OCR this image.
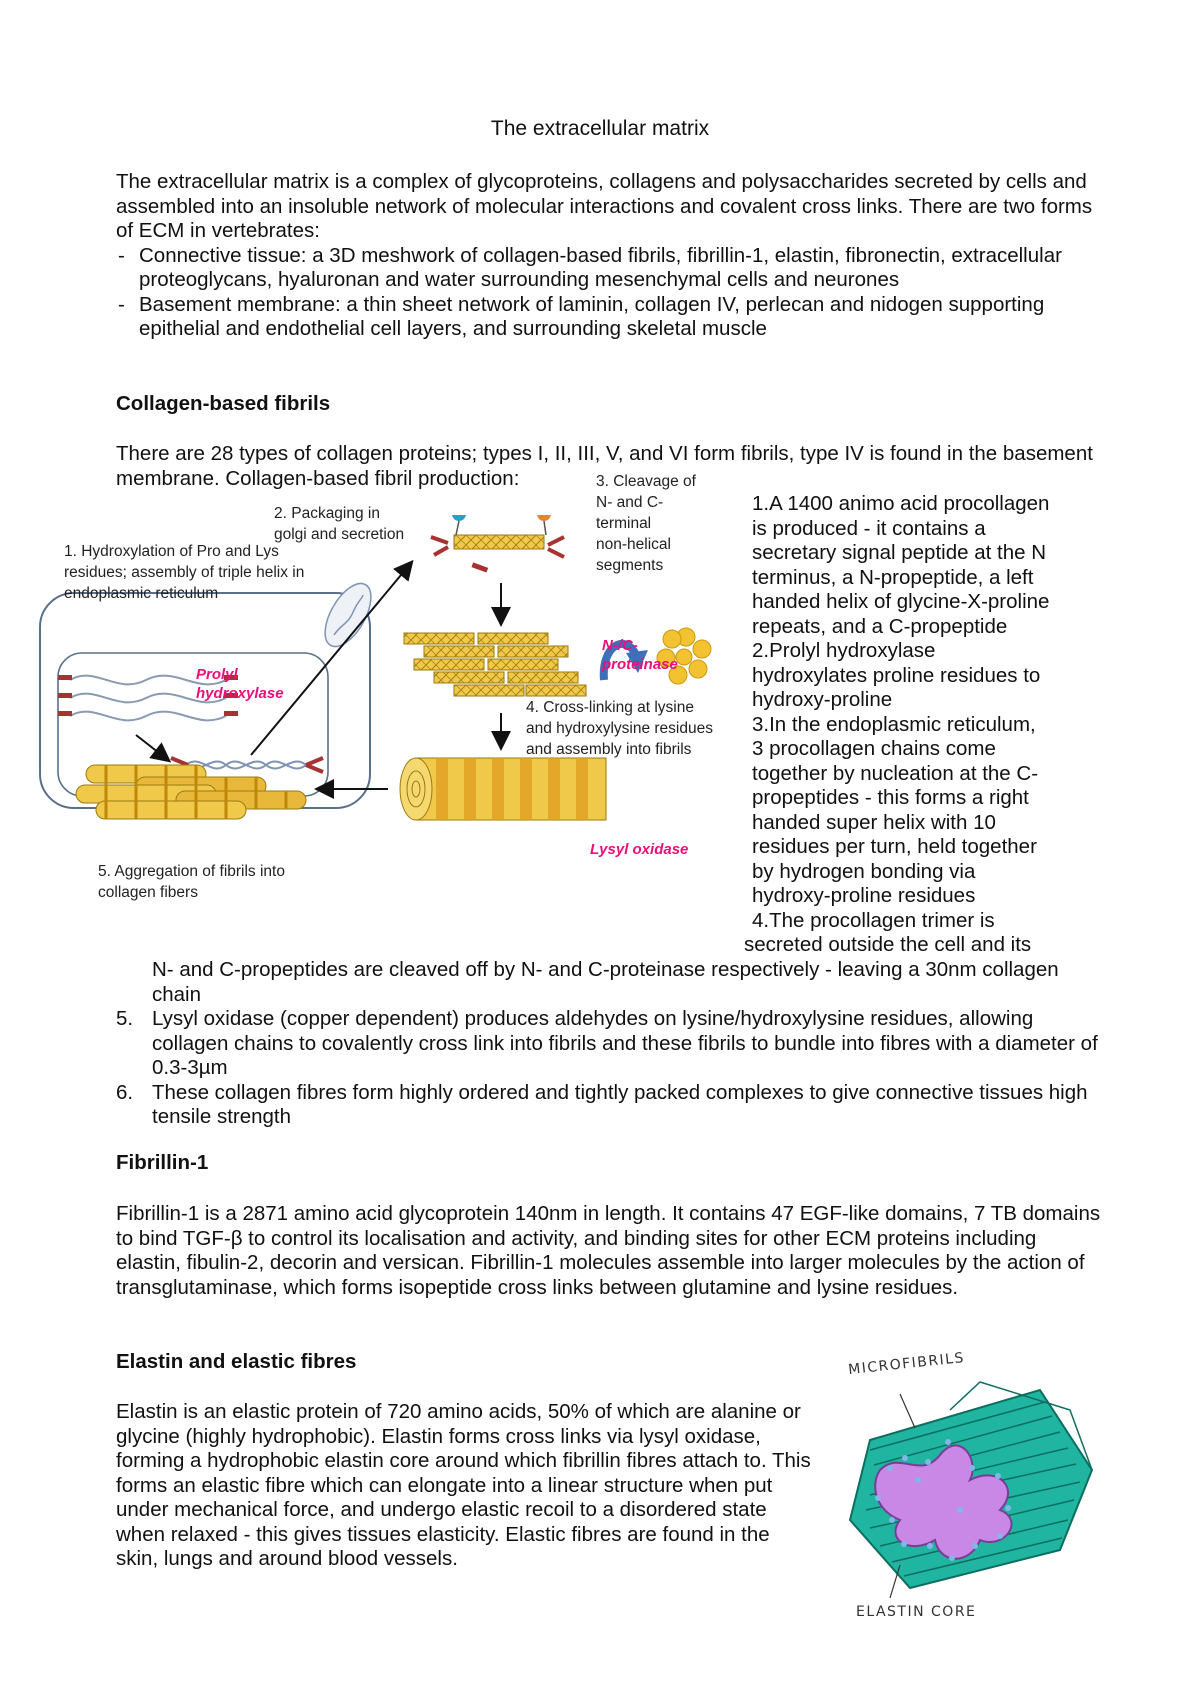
The extracellular matrix
The extracellular matrix is a complex of glycoproteins, collagens and polysaccharides secreted by cells and assembled into an insoluble network of molecular interactions and covalent cross links. There are two forms of ECM in vertebrates:
- Connective tissue: a 3D meshwork of collagen-based fibrils, fibrillin-1, elastin, fibronectin, extracellular proteoglycans, hyaluronan and water surrounding mesenchymal cells and neurones
- Basement membrane: a thin sheet network of laminin, collagen IV, perlecan and nidogen supporting epithelial and endothelial cell layers, and surrounding skeletal muscle
Collagen-based fibrils
There are 28 types of collagen proteins; types I, II, III, V, and VI form fibrils, type IV is found in the basement membrane. Collagen-based fibril production:
1.A 1400 animo acid procollagen
is produced - it contains a
secretary signal peptide at the N
terminus, a N-propeptide, a left
handed helix of glycine-X-proline
repeats, and a C-propeptide
2.Prolyl hydroxylase
hydroxylates proline residues to
hydroxy-proline
3.In the endoplasmic reticulum,
3 procollagen chains come
together by nucleation at the C-
propeptides - this forms a right
handed super helix with 10
residues per turn, held together
by hydrogen bonding via
hydroxy-proline residues
4.The procollagen trimer is
secreted outside the cell and its
1. Hydroxylation of Pro and Lys
residues; assembly of triple helix in
endoplasmic reticulum
2. Packaging in
golgi and secretion
3. Cleavage of
N- and C-
terminal
non-helical
segments
4. Cross-linking at lysine
and hydroxylysine residues
and assembly into fibrils
5. Aggregation of fibrils into
collagen fibers
Prolyl
hydroxylase
N-/C-
proteinase
Lysyl oxidase
N- and C-propeptides are cleaved off by N- and C-proteinase respectively - leaving a 30nm collagen chain
5. Lysyl oxidase (copper dependent) produces aldehydes on lysine/hydroxylysine residues, allowing collagen chains to covalently cross link into fibrils and these fibrils to bundle into fibres with a diameter of 0.3-3µm
6. These collagen fibres form highly ordered and tightly packed complexes to give connective tissues high tensile strength
Fibrillin-1
Fibrillin-1 is a 2871 amino acid glycoprotein 140nm in length. It contains 47 EGF-like domains, 7 TB domains to bind TGF-β to control its localisation and activity, and binding sites for other ECM proteins including elastin, fibulin-2, decorin and versican. Fibrillin-1 molecules assemble into larger molecules by the action of transglutaminase, which forms isopeptide cross links between glutamine and lysine residues.
Elastin and elastic fibres
Elastin is an elastic protein of 720 amino acids, 50% of which are alanine or glycine (highly hydrophobic). Elastin forms cross links via lysyl oxidase, forming a hydrophobic elastin core around which fibrillin fibres attach to. This forms an elastic fibre which can elongate into a linear structure when put under mechanical force, and undergo elastic recoil to a disordered state when relaxed - this gives tissues elasticity. Elastic fibres are found in the skin, lungs and around blood vessels.
MICROFIBRILS
ELASTIN CORE
